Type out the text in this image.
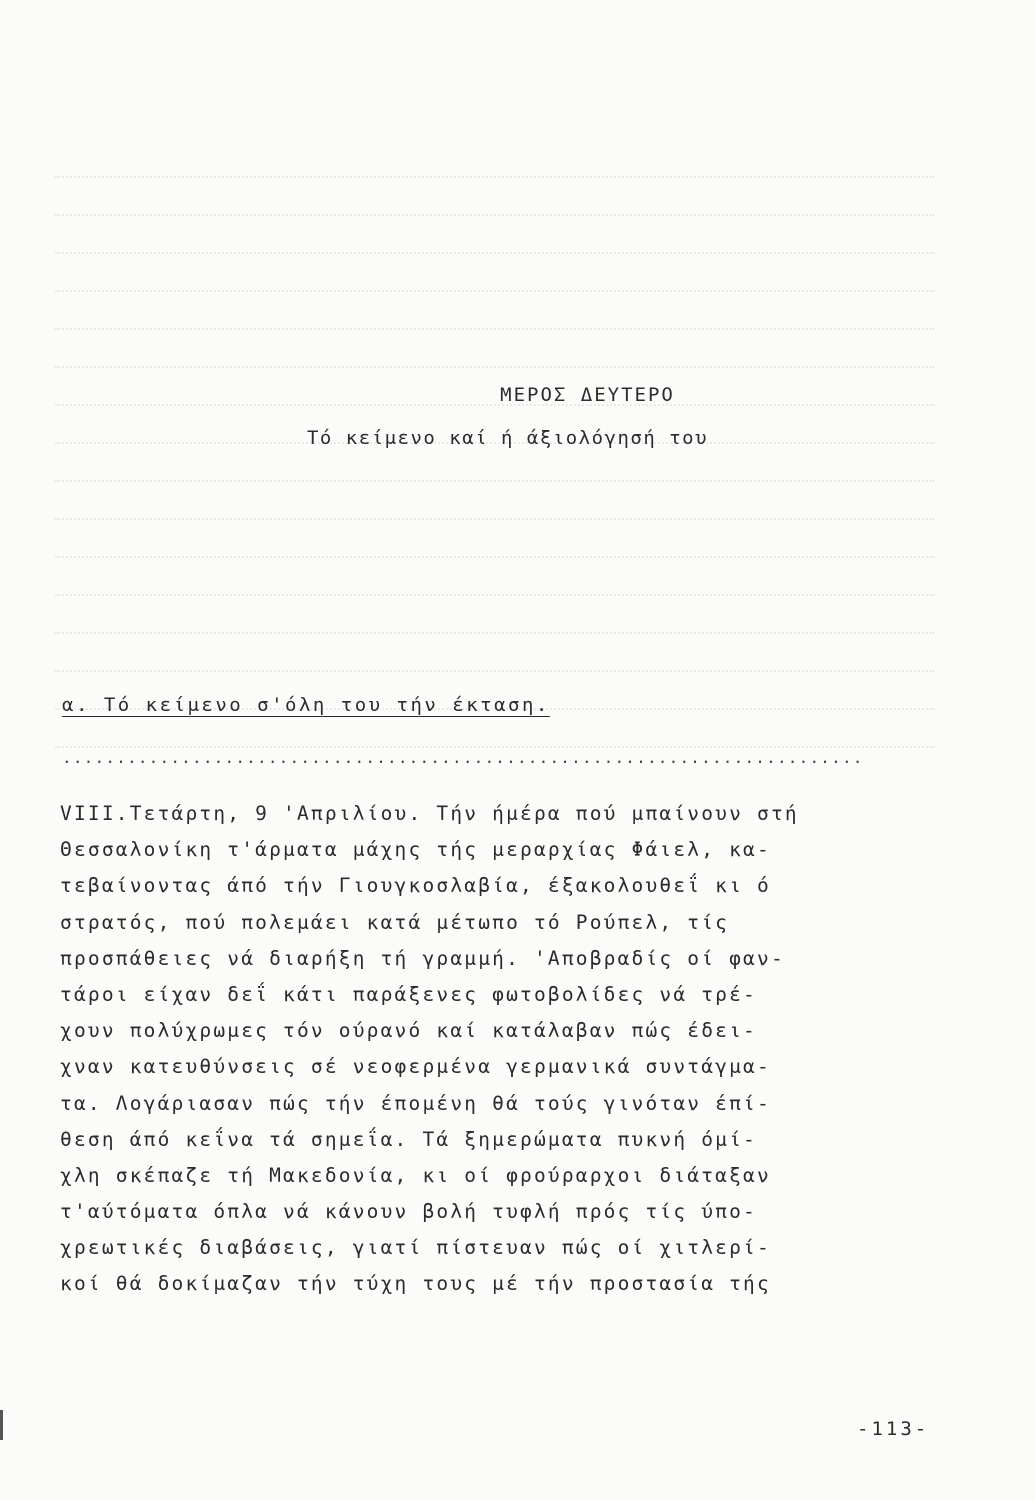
ΜΕΡΟΣ ΔΕΥΤΕΡΟ
Τό κείμενο καί ή άξιολόγησή του
α. Τό κείμενο σ'όλη του τήν έκταση.
..........................................................................
VIII.Τετάρτη, 9 'Απριλίου. Τήν ήμέρα πού μπαίνουν στή
Θεσσαλονίκη τ'άρματα μάχης τής μεραρχίας Φάιελ, κα-
τεβαίνοντας άπό τήν Γιουγκοσλαβία, έξακολουθεΐ κι ό
στρατός, πού πολεμάει κατά μέτωπο τό Ρούπελ, τίς
προσπάθειες νά διαρήξη τή γραμμή. 'Αποβραδίς οί φαν-
τάροι είχαν δεΐ κάτι παράξενες φωτοβολίδες νά τρέ-
χουν πολύχρωμες τόν ούρανό καί κατάλαβαν πώς έδει-
χναν κατευθύνσεις σέ νεοφερμένα γερμανικά συντάγμα-
τα. Λογάριασαν πώς τήν έπομένη θά τούς γινόταν έπί-
θεση άπό κεΐνα τά σημεΐα. Τά ξημερώματα πυκνή όμί-
χλη σκέπαζε τή Μακεδονία, κι οί φρούραρχοι διάταξαν
τ'αύτόματα όπλα νά κάνουν βολή τυφλή πρός τίς ύπο-
χρεωτικές διαβάσεις, γιατί πίστευαν πώς οί χιτλερί-
κοί θά δοκίμαζαν τήν τύχη τους μέ τήν προστασία τής
-113-
